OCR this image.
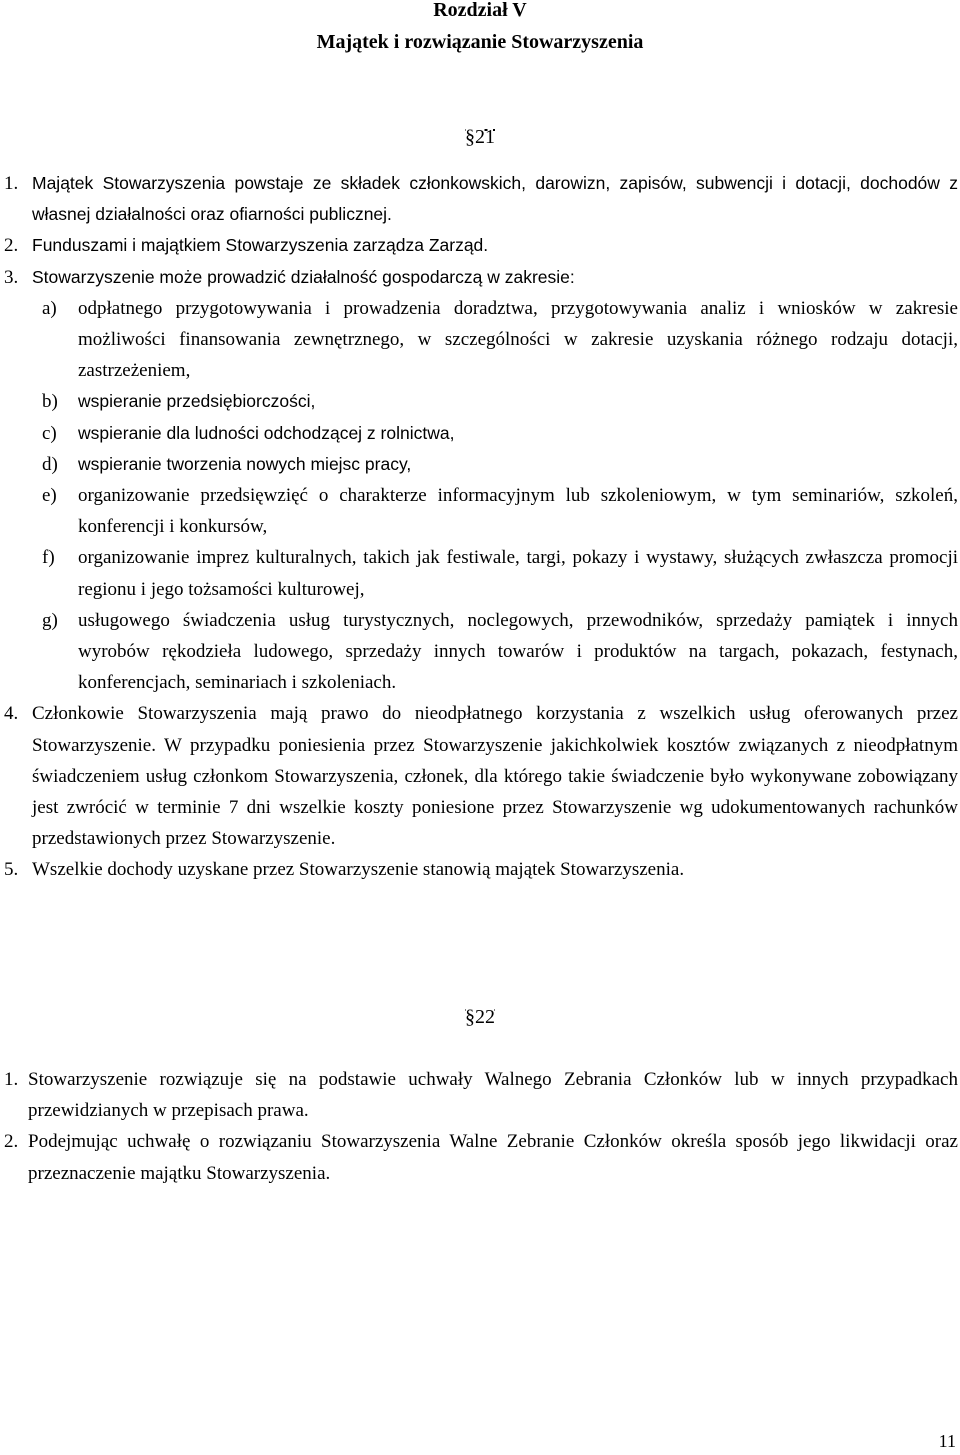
Rozdział V
Majątek i rozwiązanie Stowarzyszenia
§21
1. Majątek Stowarzyszenia powstaje ze składek członkowskich, darowizn, zapisów, subwencji i dotacji, dochodów z własnej działalności oraz ofiarności publicznej.
2. Funduszami i majątkiem Stowarzyszenia zarządza Zarząd.
3. Stowarzyszenie może prowadzić działalność gospodarczą w zakresie:
a) odpłatnego przygotowywania i prowadzenia doradztwa, przygotowywania analiz i wniosków w zakresie możliwości finansowania zewnętrznego, w szczególności w zakresie uzyskania różnego rodzaju dotacji, zastrzeżeniem,
b) wspieranie przedsiębiorczości,
c) wspieranie dla ludności odchodzącej z rolnictwa,
d) wspieranie tworzenia nowych miejsc pracy,
e) organizowanie przedsięwzięć o charakterze informacyjnym lub szkoleniowym, w tym seminariów, szkoleń, konferencji i konkursów,
f) organizowanie imprez kulturalnych, takich jak festiwale, targi, pokazy i wystawy, służących zwłaszcza promocji regionu i jego tożsamości kulturowej,
g) usługowego świadczenia usług turystycznych, noclegowych, przewodników, sprzedaży pamiątek i innych wyrobów rękodzieła ludowego, sprzedaży innych towarów i produktów na targach, pokazach, festynach, konferencjach, seminariach i szkoleniach.
4. Członkowie Stowarzyszenia mają prawo do nieodpłatnego korzystania z wszelkich usług oferowanych przez Stowarzyszenie. W przypadku poniesienia przez Stowarzyszenie jakichkolwiek kosztów związanych z nieodpłatnym świadczeniem usług członkom Stowarzyszenia, członek, dla którego takie świadczenie było wykonywane zobowiązany jest zwrócić w terminie 7 dni wszelkie koszty poniesione przez Stowarzyszenie wg udokumentowanych rachunków przedstawionych przez Stowarzyszenie.
5. Wszelkie dochody uzyskane przez Stowarzyszenie stanowią majątek Stowarzyszenia.
§22
1. Stowarzyszenie rozwiązuje się na podstawie uchwały Walnego Zebrania Członków lub w innych przypadkach przewidzianych w przepisach prawa.
2. Podejmując uchwałę o rozwiązaniu Stowarzyszenia Walne Zebranie Członków określa sposób jego likwidacji oraz przeznaczenie majątku Stowarzyszenia.
11
